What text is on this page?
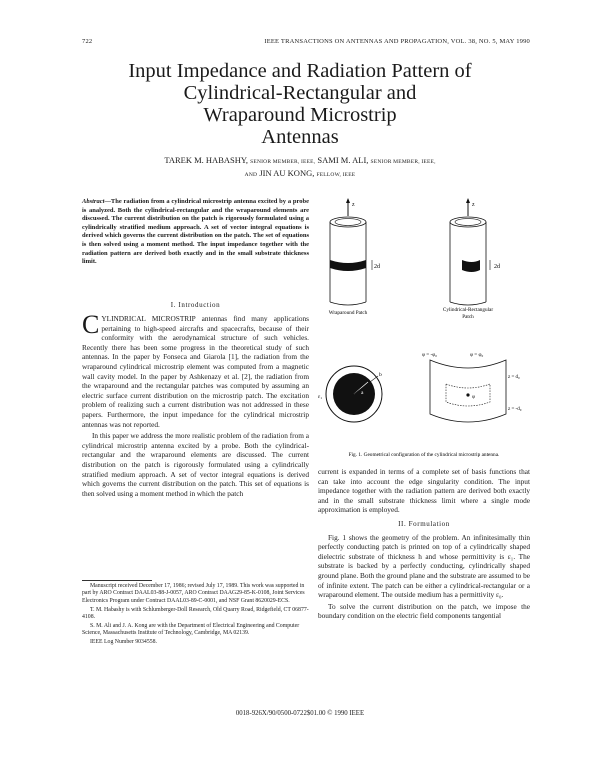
722	IEEE TRANSACTIONS ON ANTENNAS AND PROPAGATION, VOL. 38, NO. 5, MAY 1990
Input Impedance and Radiation Pattern of
Cylindrical-Rectangular and
Wraparound Microstrip
Antennas
TAREK M. HABASHY, SENIOR MEMBER, IEEE, SAMI M. ALI, SENIOR MEMBER, IEEE,
AND JIN AU KONG, FELLOW, IEEE
Abstract—The radiation from a cylindrical microstrip antenna excited by a probe is analyzed. Both the cylindrical-rectangular and the wraparound elements are discussed. The current distribution on the patch is rigorously formulated using a cylindrically stratified medium approach. A set of vector integral equations is derived which governs the current distribution on the patch. The set of equations is then solved using a moment method. The input impedance together with the radiation pattern are derived both exactly and in the small substrate thickness limit.
I. Introduction

CYLINDRICAL MICROSTRIP antennas find many applications pertaining to high-speed aircrafts and spacecrafts, because of their conformity with the aerodynamical structure of such vehicles. Recently there has been some progress in the theoretical study of such antennas. In the paper by Fonseca and Giarola [1], the radiation from the wraparound cylindrical microstrip element was computed from a magnetic wall cavity model. In the paper by Ashkenazy et al. [2], the radiation from the wraparound and the rectangular patches was computed by assuming an electric surface current distribution on the microstrip patch. The excitation problem of realizing such a current distribution was not addressed in these papers. Furthermore, the input impedance for the cylindrical microstrip antennas was not reported.

In this paper we address the more realistic problem of the radiation from a cylindrical microstrip antenna excited by a probe. Both the cylindrical-rectangular and the wraparound elements are discussed. The current distribution on the patch is rigorously formulated using a cylindrically stratified medium approach. A set of vector integral equations is derived which governs the current distribution on the patch. This set of equations is then solved using a moment method in which the patch

Manuscript received December 17, 1986; revised July 17, 1989. This work was supported in part by ARO Contract DAAL03-88-J-0057, ARO Contract DAAG29-85-K-0108, Joint Services Electronics Program under Contract DAAL03-89-C-0001, and NSF Grant 8620029-ECS.
T. M. Habashy is with Schlumberger-Doll Research, Old Quarry Road, Ridgefield, CT 06877-4108.
S. M. Ali and J. A. Kong are with the Department of Electrical Engineering and Computer Science, Massachusetts Institute of Technology, Cambridge, MA 02139.
IEEE Log Number 9034558.
z
2d
Wraparound Patch
z
2d
Cylindrical-Rectangular
Patch
a
b
ε₁	φ
φ = -φ₀	φ = φ₀
z = d₀
z = -d₀
Fig. 1. Geometrical configuration of the cylindrical microstrip antenna.

current is expanded in terms of a complete set of basis functions that can take into account the edge singularity condition. The input impedance together with the radiation pattern are derived both exactly and in the small substrate thickness limit where a single mode approximation is employed.

II. Formulation

Fig. 1 shows the geometry of the problem. An infinitesimally thin perfectly conducting patch is printed on top of a cylindrically shaped dielectric substrate of thickness h and whose permittivity is ε₁. The substrate is backed by a perfectly conducting, cylindrically shaped ground plane. Both the ground plane and the substrate are assumed to be of infinite extent. The patch can be either a cylindrical-rectangular or a wraparound element. The outside medium has a permittivity ε₀.

To solve the current distribution on the patch, we impose the boundary condition on the electric field components tangential

0018-926X/90/0500-0722$01.00 © 1990 IEEE
